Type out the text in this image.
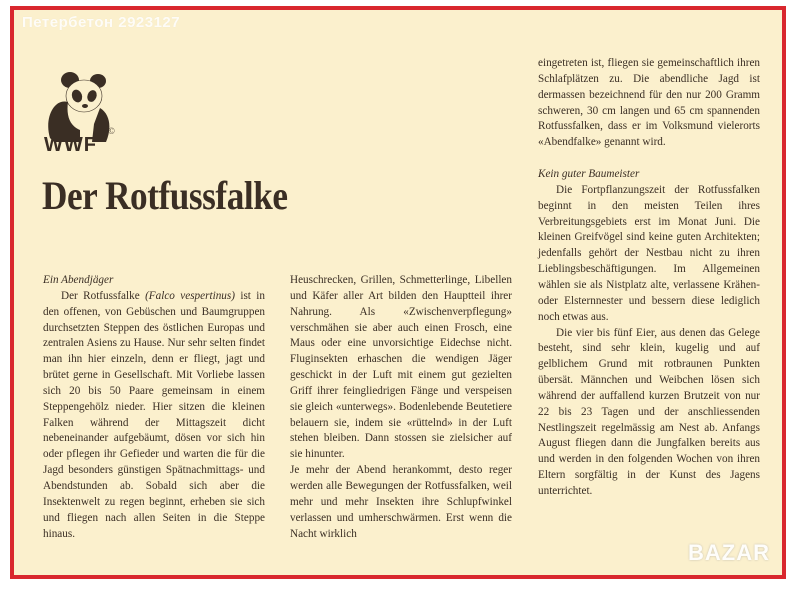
Петербетон 2923127
WWF
©
Der Rotfussfalke

Ein Abendjäger

Der Rotfussfalke (Falco vespertinus) ist in den offenen, von Gebüschen und Baumgruppen durchsetzten Steppen des östlichen Europas und zentralen Asiens zu Hause. Nur sehr selten findet man ihn hier einzeln, denn er fliegt, jagt und brütet gerne in Gesellschaft. Mit Vorliebe lassen sich 20 bis 50 Paare gemeinsam in einem Steppengehölz nieder. Hier sitzen die kleinen Falken während der Mittagszeit dicht nebeneinander aufgebäumt, dösen vor sich hin oder pflegen ihr Gefieder und warten die für die Jagd besonders günstigen Spätnachmittags- und Abendstunden ab. Sobald sich aber die Insektenwelt zu regen beginnt, erheben sie sich und fliegen nach allen Seiten in die Steppe hinaus.

Heuschrecken, Grillen, Schmetterlinge, Libellen und Käfer aller Art bilden den Hauptteil ihrer Nahrung. Als «Zwischenverpflegung» verschmähen sie aber auch einen Frosch, eine Maus oder eine unvorsichtige Eidechse nicht. Fluginsekten erhaschen die wendigen Jäger geschickt in der Luft mit einem gut gezielten Griff ihrer feingliedrigen Fänge und verspeisen sie gleich «unterwegs». Bodenlebende Beutetiere belauern sie, indem sie «rüttelnd» in der Luft stehen bleiben. Dann stossen sie zielsicher auf sie hinunter.

Je mehr der Abend herankommt, desto reger werden alle Bewegungen der Rotfussfalken, weil mehr und mehr Insekten ihre Schlupfwinkel verlassen und umherschwärmen. Erst wenn die Nacht wirklich

eingetreten ist, fliegen sie gemeinschaftlich ihren Schlafplätzen zu. Die abendliche Jagd ist dermassen bezeichnend für den nur 200 Gramm schweren, 30 cm langen und 65 cm spannenden Rotfussfalken, dass er im Volksmund vielerorts «Abendfalke» genannt wird.

Kein guter Baumeister

Die Fortpflanzungszeit der Rotfussfalken beginnt in den meisten Teilen ihres Verbreitungsgebiets erst im Monat Juni. Die kleinen Greifvögel sind keine guten Architekten; jedenfalls gehört der Nestbau nicht zu ihren Lieblingsbeschäftigungen. Im Allgemeinen wählen sie als Nistplatz alte, verlassene Krähen- oder Elsternnester und bessern diese lediglich noch etwas aus.

Die vier bis fünf Eier, aus denen das Gelege besteht, sind sehr klein, kugelig und auf gelblichem Grund mit rotbraunen Punkten übersät. Männchen und Weibchen lösen sich während der auffallend kurzen Brutzeit von nur 22 bis 23 Tagen und der anschliessenden Nestlingszeit regelmässig am Nest ab. Anfangs August fliegen dann die Jungfalken bereits aus und werden in den folgenden Wochen von ihren Eltern sorgfältig in der Kunst des Jagens unterrichtet.

BAZAR
